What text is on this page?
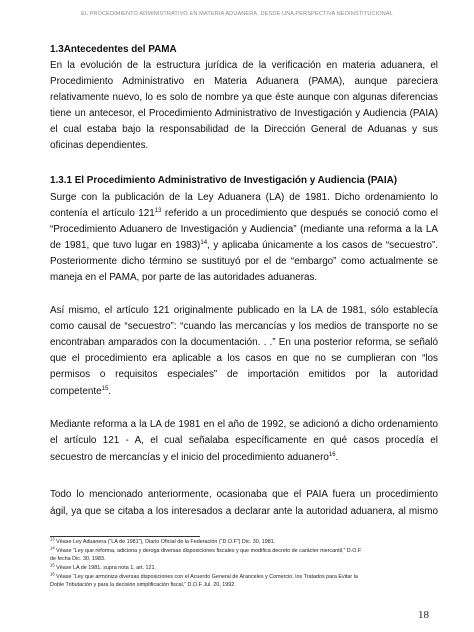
EL PROCEDIMIENTO ADMINISTRATIVO EN MATERIA ADUANERA, DESDE UNA PERSPECTIVA NEOINSTITUCIONAL
1.3Antecedentes del PAMA
En la evolución de la estructura jurídica de la verificación en materia aduanera, el
Procedimiento Administrativo en Materia Aduanera (PAMA), aunque pareciera
relativamente nuevo, lo es solo de nombre ya que éste aunque con algunas diferencias
tiene un antecesor, el Procedimiento Administrativo de Investigación y Audiencia (PAIA)
el cual estaba bajo la responsabilidad de la Dirección General de Aduanas y sus
oficinas dependientes.
1.3.1 El Procedimiento Administrativo de Investigación y Audiencia (PAIA)
Surge con la publicación de la Ley Aduanera (LA) de 1981. Dicho ordenamiento lo
contenía el artículo $121^{13}$ referido a un procedimiento que después se conoció como el
“Procedimiento Aduanero de Investigación y Audiencia” (mediante una reforma a la LA
de 1981, que tuvo lugar en 1983)$^{14}$, y aplicaba únicamente a los casos de “secuestro”.
Posteriormente dicho término se sustituyó por el de “embargo” como actualmente se
maneja en el PAMA, por parte de las autoridades aduaneras.
Así mismo, el artículo 121 originalmente publicado en la LA de 1981, sólo establecía
como causal de “secuestro”: “cuando las mercancías y los medios de transporte no se
encontraban amparados con la documentación. . .” En una posterior reforma, se señaló
que el procedimiento era aplicable a los casos en que no se cumplieran con “los
permisos o requisitos especiales” de importación emitidos por la autoridad
competente$^{15}$.
Mediante reforma a la LA de 1981 en el año de 1992, se adicionó a dicho ordenamiento
el artículo 121 - A, el cual señalaba específicamente en qué casos procedía el
secuestro de mercancías y el inicio del procedimiento aduanero$^{16}$.
Todo lo mencionado anteriormente, ocasionaba que el PAIA fuera un procedimiento
ágil, ya que se citaba a los interesados a declarar ante la autoridad aduanera, al mismo
$^{13}$ Véase Ley Aduanera (“LA de 1981”), Diario Oficial de la Federación (“D.O.F”) Dic. 30, 1981.
$^{14}$ Véase “Ley que reforma, adiciona y deroga diversas disposiciones fiscales y que modifica decreto de carácter mercantil,” D.O.F
de fecha Dic. 30, 1983.
$^{15}$ Véase LA de 1981, supra nota 1, art. 121.
$^{16}$ Véase “Ley que armoniza diversas disposiciones con el Acuerdo General de Aranceles y Comercio, los Tratados para Evitar la
Doble Tributación y para la decisión simplificación fiscal,” D.O.F Jul. 20, 1992.
18
